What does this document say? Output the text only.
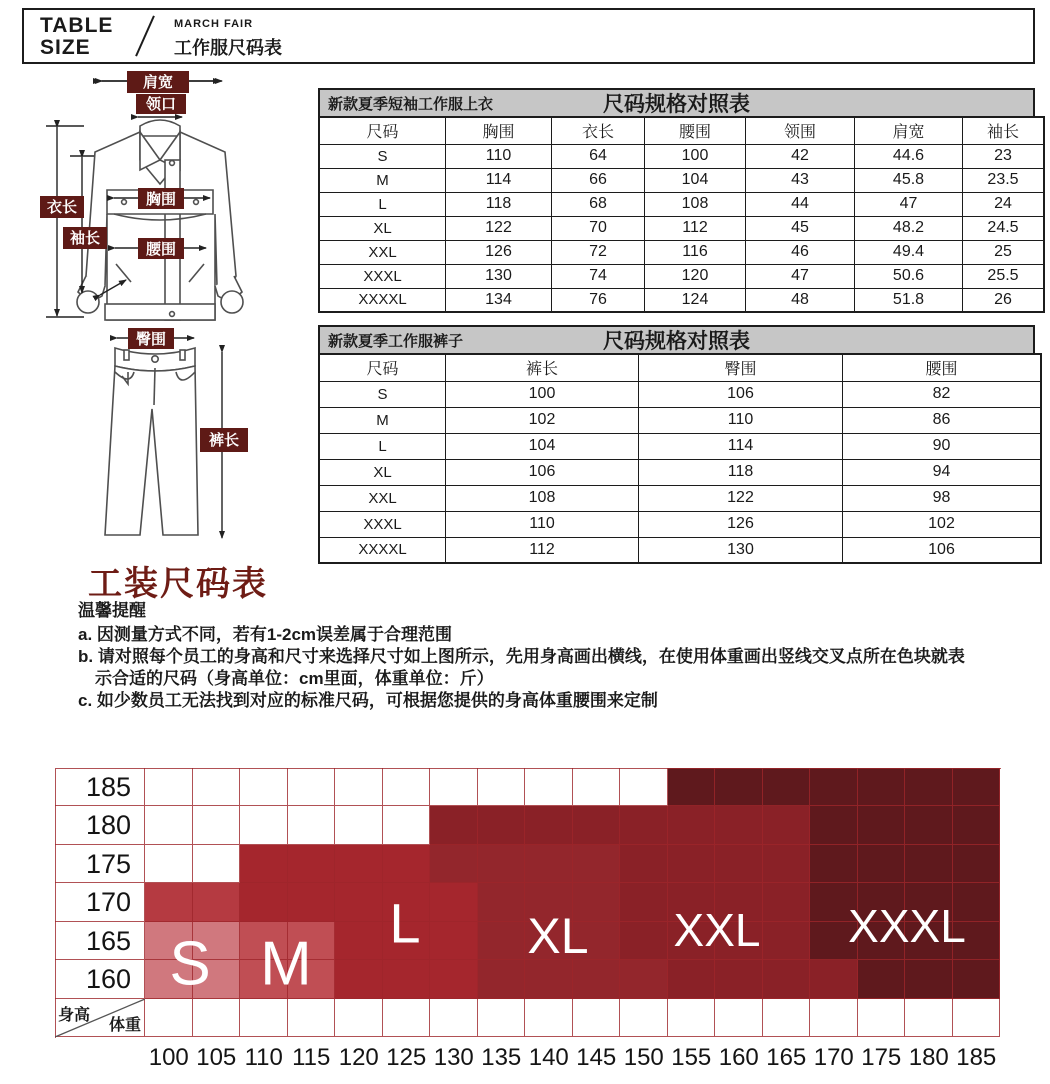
TABLE
SIZE
MARCH FAIR
工作服尺码表
肩宽
领口
衣长
袖长
胸围
腰围
臀围
裤长
尺码规格对照表
新款夏季短袖工作服上衣
尺码	胸围	衣长	腰围	领围	肩宽	袖长
S	110	64	100	42	44.6	23
M	114	66	104	43	45.8	23.5
L	118	68	108	44	47	24
XL	122	70	112	45	48.2	24.5
XXL	126	72	116	46	49.4	25
XXXL	130	74	120	47	50.6	25.5
XXXXL	134	76	124	48	51.8	26
尺码规格对照表
新款夏季工作服裤子
尺码	裤长	臀围	腰围
S	100	106	82
M	102	110	86
L	104	114	90
XL	106	118	94
XXL	108	122	98
XXXL	110	126	102
XXXXL	112	130	106
工装尺码表
温馨提醒
a. 因测量方式不同，若有1-2cm误差属于合理范围
b. 请对照每个员工的身高和尺寸来选择尺寸如上图所示，先用身高画出横线，在使用体重画出竖线交叉点所在色块就表
示合适的尺码（身高单位：cm里面，体重单位：斤）
c. 如少数员工无法找到对应的标准尺码，可根据您提供的身高体重腰围来定制
185
180
175
170
165
160
身高
体重
S M
L XL XXL XXXL
100 105 110 115 120 125 130 135 140 145 150 155 160 165 170 175 180 185
